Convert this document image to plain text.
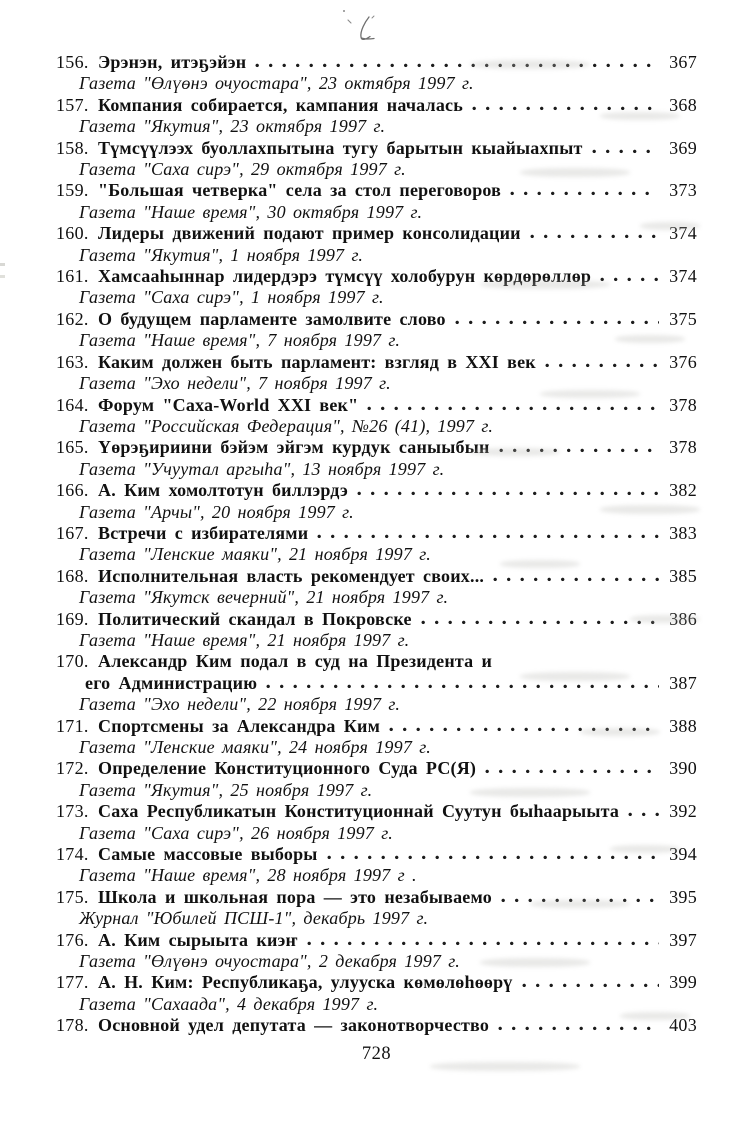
156. Эрэнэн, итэҕэйэн	367
Газета "Өлүөнэ очуостара", 23 октября 1997 г.
157. Компания собирается, кампания началась	368
Газета "Якутия", 23 октября 1997 г.
158. Түмсүүлээх буоллахпытына тугу барытын кыайыахпыт	369
Газета "Саха сирэ", 29 октября 1997 г.
159. "Большая четверка" села за стол переговоров	373
Газета "Наше время", 30 октября 1997 г.
160. Лидеры движений подают пример консолидации	374
Газета "Якутия", 1 ноября 1997 г.
161. Хамсааһыннар лидердэрэ түмсүү холобурун көрдөрөллөр	374
Газета "Саха сирэ", 1 ноября 1997 г.
162. О будущем парламенте замолвите слово	375
Газета "Наше время", 7 ноября 1997 г.
163. Каким должен быть парламент: взгляд в XXI век	376
Газета "Эхо недели", 7 ноября 1997 г.
164. Форум "Саха-World XXI век"	378
Газета "Российская Федерация", №26 (41), 1997 г.
165. Үөрэҕириини бэйэм эйгэм курдук саныыбын	378
Газета "Учуутал аргыһа", 13 ноября 1997 г.
166. А. Ким хомолтотун биллэрдэ	382
Газета "Арчы", 20 ноября 1997 г.
167. Встречи с избирателями	383
Газета "Ленские маяки", 21 ноября 1997 г.
168. Исполнительная власть рекомендует своих...	385
Газета "Якутск вечерний", 21 ноября 1997 г.
169. Политический скандал в Покровске	386
Газета "Наше время", 21 ноября 1997 г.
170. Александр Ким подал в суд на Президента и
его Администрацию	387
Газета "Эхо недели", 22 ноября 1997 г.
171. Спортсмены за Александра Ким	388
Газета "Ленские маяки", 24 ноября 1997 г.
172. Определение Конституционного Суда РС(Я)	390
Газета "Якутия", 25 ноября 1997 г.
173. Саха Республикатын Конституционнай Суутун быһаарыыта	392
Газета "Саха сирэ", 26 ноября 1997 г.
174. Самые массовые выборы	394
Газета "Наше время", 28 ноября 1997 г .
175. Школа и школьная пора — это незабываемо	395
Журнал "Юбилей ПСШ-1", декабрь 1997 г.
176. А. Ким сырыыта киэҥ	397
Газета "Өлүөнэ очуостара", 2 декабря 1997 г.
177. А. Н. Ким: Республикаҕа, улууска көмөлөһөөрү	399
Газета "Сахаада", 4 декабря 1997 г.
178. Основной удел депутата — законотворчество	403
728
